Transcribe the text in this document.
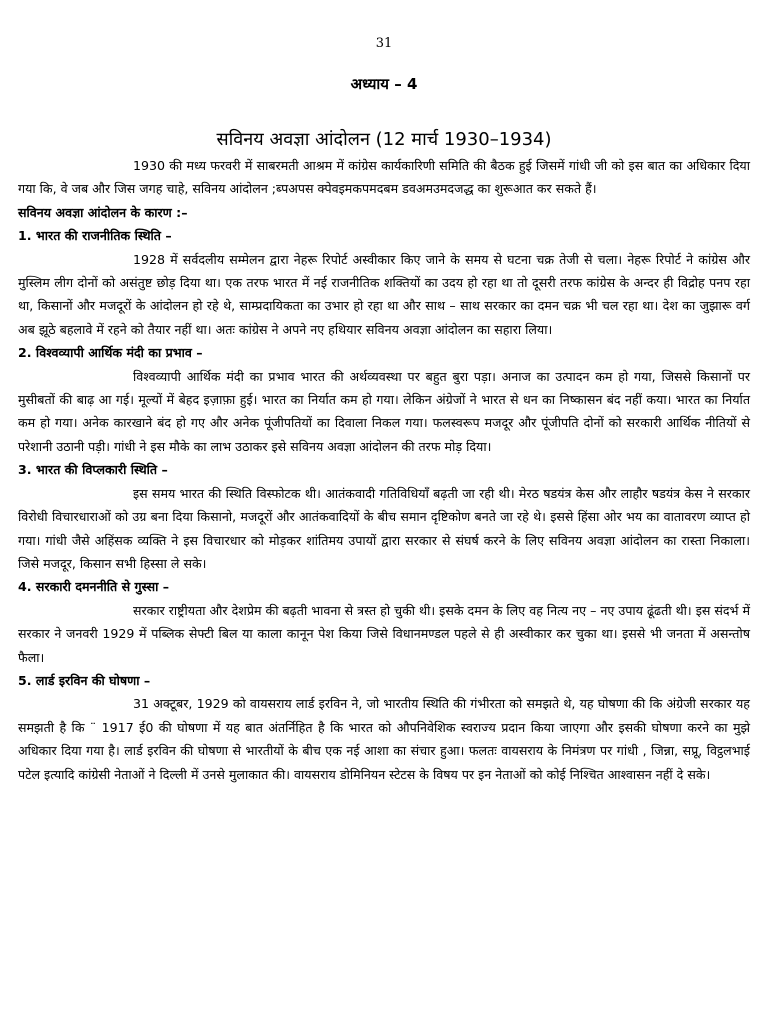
31
अध्याय – 4
सविनय अवज्ञा आंदोलन (12 मार्च 1930–1934)

1930 की मध्य फरवरी में साबरमती आश्रम में कांग्रेस कार्यकारिणी समिति की बैठक हुई जिसमें गांधी जी को इस बात का अधिकार दिया गया कि, वे जब और जिस जगह चाहे, सविनय आंदोलन ;ब्पअपस क्पेवइमकपमदबम डवअमउमदजद्ध का शुरूआत कर सकते हैं।

सविनय अवज्ञा आंदोलन के कारण :–

1. भारत की राजनीतिक स्थिति –

1928 में सर्वदलीय सम्मेलन द्वारा नेहरू रिपोर्ट अस्वीकार किए जाने के समय से घटना चक्र तेजी से चला। नेहरू रिपोर्ट ने कांग्रेस और मुस्लिम लीग दोनों को असंतुष्ट छोड़ दिया था। एक तरफ भारत में नई राजनीतिक शक्तियों का उदय हो रहा था तो दूसरी तरफ कांग्रेस के अन्दर ही विद्रोह पनप रहा था, किसानों और मजदूरों के आंदोलन हो रहे थे, साम्प्रदायिकता का उभार हो रहा था और साथ – साथ सरकार का दमन चक्र भी चल रहा था। देश का जुझारू वर्ग अब झूठे बहलावे में रहने को तैयार नहीं था। अतः कांग्रेस ने अपने नए हथियार सविनय अवज्ञा आंदोलन का सहारा लिया।

2. विश्वव्यापी आर्थिक मंदी का प्रभाव –

विश्वव्यापी आर्थिक मंदी का प्रभाव भारत की अर्थव्यवस्था पर बहुत बुरा पड़ा। अनाज का उत्पादन कम हो गया, जिससे किसानों पर मुसीबतों की बाढ़ आ गई। मूल्यों में बेहद इज़ाफ़ा हुई। भारत का निर्यात कम हो गया। लेकिन अंग्रेजों ने भारत से धन का निष्कासन बंद नहीं कया। भारत का निर्यात कम हो गया। अनेक कारखाने बंद हो गए और अनेक पूंजीपतियों का दिवाला निकल गया। फलस्वरूप मजदूर और पूंजीपति दोनों को सरकारी आर्थिक नीतियों से परेशानी उठानी पड़ी। गांधी ने इस मौके का लाभ उठाकर इसे सविनय अवज्ञा आंदोलन की तरफ मोड़ दिया।

3. भारत की विप्लकारी स्थिति –

इस समय भारत की स्थिति विस्फोटक थी। आतंकवादी गतिविधियाँ बढ़ती जा रही थी। मेरठ षडयंत्र केस और लाहौर षडयंत्र केस ने सरकार विरोधी विचारधाराओं को उग्र बना दिया किसानो, मजदूरों और आतंकवादियों के बीच समान दृष्टिकोण बनते जा रहे थे। इससे हिंसा ओर भय का वातावरण व्याप्त हो गया। गांधी जैसे अहिंसक व्यक्ति ने इस विचारधार को मोड़कर शांतिमय उपायों द्वारा सरकार से संघर्ष करने के लिए सविनय अवज्ञा आंदोलन का रास्ता निकाला। जिसे मजदूर, किसान सभी हिस्सा ले सके।

4. सरकारी दमननीति से गुस्सा –

सरकार राष्ट्रीयता और देशप्रेम की बढ़ती भावना से त्रस्त हो चुकी थी। इसके दमन के लिए वह नित्य नए – नए उपाय ढूंढती थी। इस संदर्भ में सरकार ने जनवरी 1929 में पब्लिक सेफ्टी बिल या काला कानून पेश किया जिसे विधानमण्डल पहले से ही अस्वीकार कर चुका था। इससे भी जनता में असन्तोष फैला।

5. लार्ड इरविन की घोषणा –

31 अक्टूबर, 1929 को वायसराय लार्ड इरविन ने, जो भारतीय स्थिति की गंभीरता को समझते थे, यह घोषणा की कि अंग्रेजी सरकार यह समझती है कि ¨ 1917 ई0 की घोषणा में यह बात अंतर्निहित है कि भारत को औपनिवेशिक स्वराज्य प्रदान किया जाएगा और इसकी घोषणा करने का मुझे अधिकार दिया गया है। लार्ड इरविन की घोषणा से भारतीयों के बीच एक नई आशा का संचार हुआ। फलतः वायसराय के निमंत्रण पर गांधी , जिन्ना, सप्रू, विट्ठलभाई पटेल इत्यादि कांग्रेसी नेताओं ने दिल्ली में उनसे मुलाकात की। वायसराय डोमिनियन स्टेटस के विषय पर इन नेताओं को कोई निश्चित आश्वासन नहीं दे सके।
